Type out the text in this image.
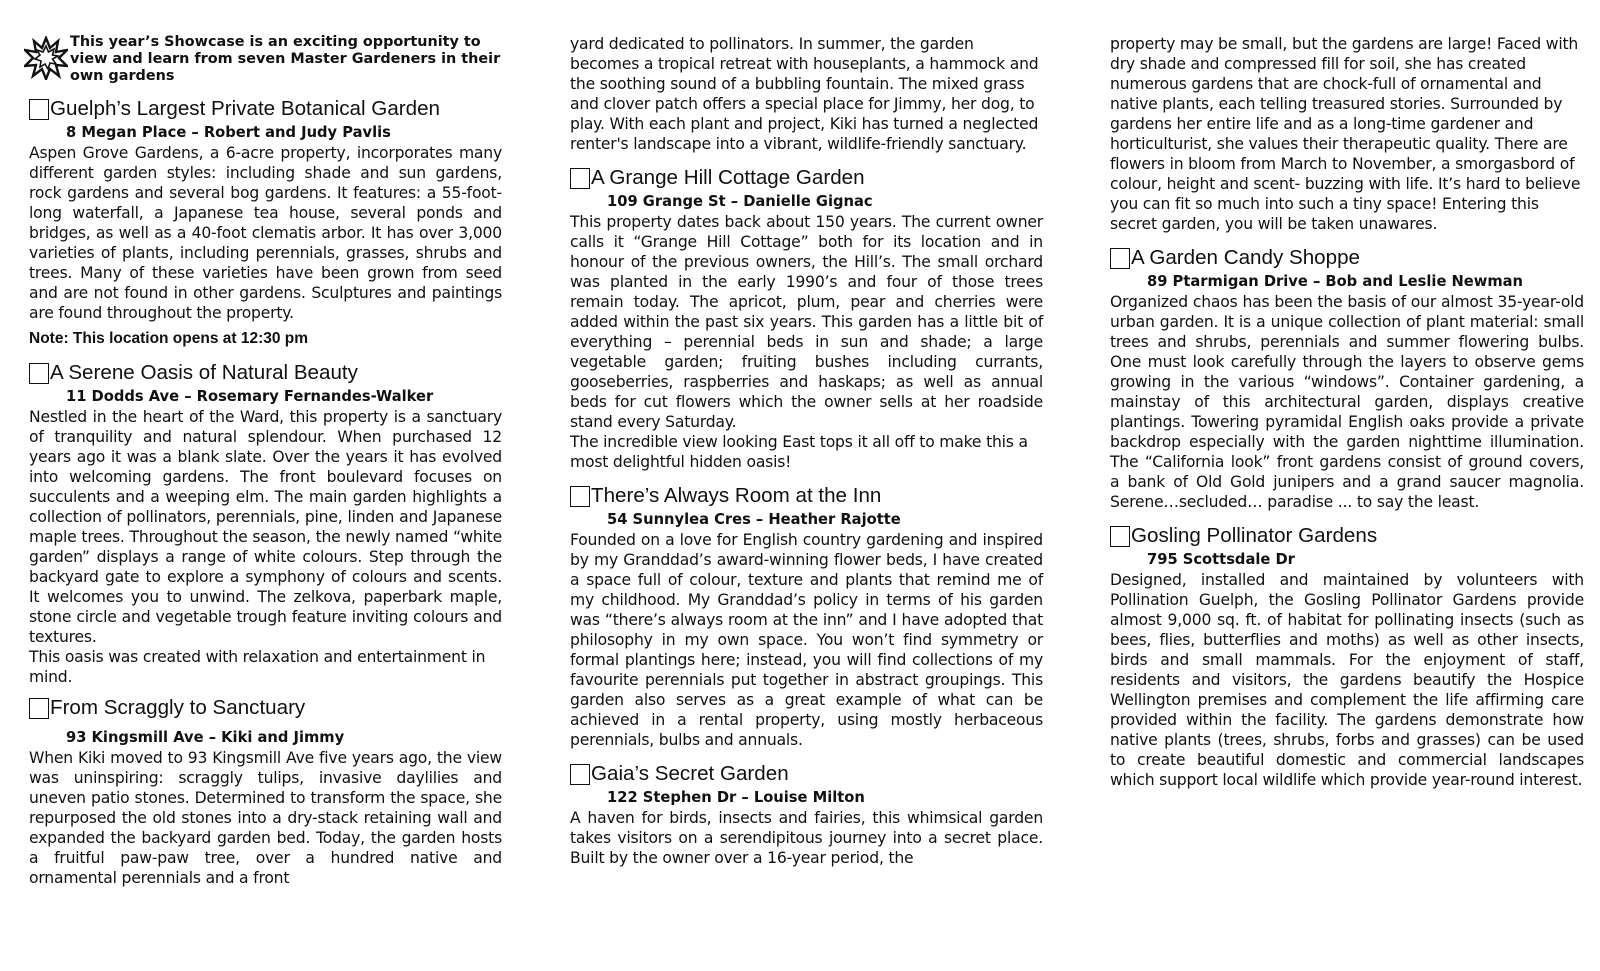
This year’s Showcase is an exciting opportunity to view and learn from seven Master Gardeners in their own gardens

Guelph’s Largest Private Botanical Garden

8 Megan Place – Robert and Judy Pavlis

Aspen Grove Gardens, a 6-acre property, incorporates many different garden styles: including shade and sun gardens, rock gardens and several bog gardens. It features: a 55-foot-long waterfall, a Japanese tea house, several ponds and bridges, as well as a 40-foot clematis arbor. It has over 3,000 varieties of plants, including perennials, grasses, shrubs and trees. Many of these varieties have been grown from seed and are not found in other gardens. Sculptures and paintings are found throughout the property.

Note: This location opens at 12:30 pm

A Serene Oasis of Natural Beauty

11 Dodds Ave – Rosemary Fernandes-Walker

Nestled in the heart of the Ward, this property is a sanctuary of tranquility and natural splendour. When purchased 12 years ago it was a blank slate. Over the years it has evolved into welcoming gardens. The front boulevard focuses on succulents and a weeping elm. The main garden highlights a collection of pollinators, perennials, pine, linden and Japanese maple trees. Throughout the season, the newly named “white garden” displays a range of white colours. Step through the backyard gate to explore a symphony of colours and scents. It welcomes you to unwind. The zelkova, paperbark maple, stone circle and vegetable trough feature inviting colours and textures.

This oasis was created with relaxation and entertainment in mind.

From Scraggly to Sanctuary

93 Kingsmill Ave – Kiki and Jimmy

When Kiki moved to 93 Kingsmill Ave five years ago, the view was uninspiring: scraggly tulips, invasive daylilies and uneven patio stones. Determined to transform the space, she repurposed the old stones into a dry-stack retaining wall and expanded the backyard garden bed. Today, the garden hosts a fruitful paw-paw tree, over a hundred native and ornamental perennials and a front

yard dedicated to pollinators. In summer, the garden becomes a tropical retreat with houseplants, a hammock and the soothing sound of a bubbling fountain. The mixed grass and clover patch offers a special place for Jimmy, her dog, to play. With each plant and project, Kiki has turned a neglected renter's landscape into a vibrant, wildlife-friendly sanctuary.

A Grange Hill Cottage Garden

109 Grange St – Danielle Gignac

This property dates back about 150 years. The current owner calls it “Grange Hill Cottage” both for its location and in honour of the previous owners, the Hill’s. The small orchard was planted in the early 1990’s and four of those trees remain today. The apricot, plum, pear and cherries were added within the past six years. This garden has a little bit of everything – perennial beds in sun and shade; a large vegetable garden; fruiting bushes including currants, gooseberries, raspberries and haskaps; as well as annual beds for cut flowers which the owner sells at her roadside stand every Saturday.

The incredible view looking East tops it all off to make this a most delightful hidden oasis!

There’s Always Room at the Inn

54 Sunnylea Cres – Heather Rajotte

Founded on a love for English country gardening and inspired by my Granddad’s award-winning flower beds, I have created a space full of colour, texture and plants that remind me of my childhood. My Granddad’s policy in terms of his garden was “there’s always room at the inn” and I have adopted that philosophy in my own space. You won’t find symmetry or formal plantings here; instead, you will find collections of my favourite perennials put together in abstract groupings. This garden also serves as a great example of what can be achieved in a rental property, using mostly herbaceous perennials, bulbs and annuals.

Gaia’s Secret Garden

122 Stephen Dr – Louise Milton

A haven for birds, insects and fairies, this whimsical garden takes visitors on a serendipitous journey into a secret place. Built by the owner over a 16-year period, the

property may be small, but the gardens are large! Faced with dry shade and compressed fill for soil, she has created numerous gardens that are chock-full of ornamental and native plants, each telling treasured stories. Surrounded by gardens her entire life and as a long-time gardener and horticulturist, she values their therapeutic quality. There are flowers in bloom from March to November, a smorgasbord of colour, height and scent- buzzing with life. It’s hard to believe you can fit so much into such a tiny space! Entering this secret garden, you will be taken unawares.

A Garden Candy Shoppe

89 Ptarmigan Drive – Bob and Leslie Newman

Organized chaos has been the basis of our almost 35-year-old urban garden. It is a unique collection of plant material: small trees and shrubs, perennials and summer flowering bulbs. One must look carefully through the layers to observe gems growing in the various “windows”. Container gardening, a mainstay of this architectural garden, displays creative plantings. Towering pyramidal English oaks provide a private backdrop especially with the garden nighttime illumination. The “California look” front gardens consist of ground covers, a bank of Old Gold junipers and a grand saucer magnolia. Serene…secluded… paradise ... to say the least.

Gosling Pollinator Gardens

795 Scottsdale Dr

Designed, installed and maintained by volunteers with Pollination Guelph, the Gosling Pollinator Gardens provide almost 9,000 sq. ft. of habitat for pollinating insects (such as bees, flies, butterflies and moths) as well as other insects, birds and small mammals. For the enjoyment of staff, residents and visitors, the gardens beautify the Hospice Wellington premises and complement the life affirming care provided within the facility. The gardens demonstrate how native plants (trees, shrubs, forbs and grasses) can be used to create beautiful domestic and commercial landscapes which support local wildlife which provide year-round interest.
